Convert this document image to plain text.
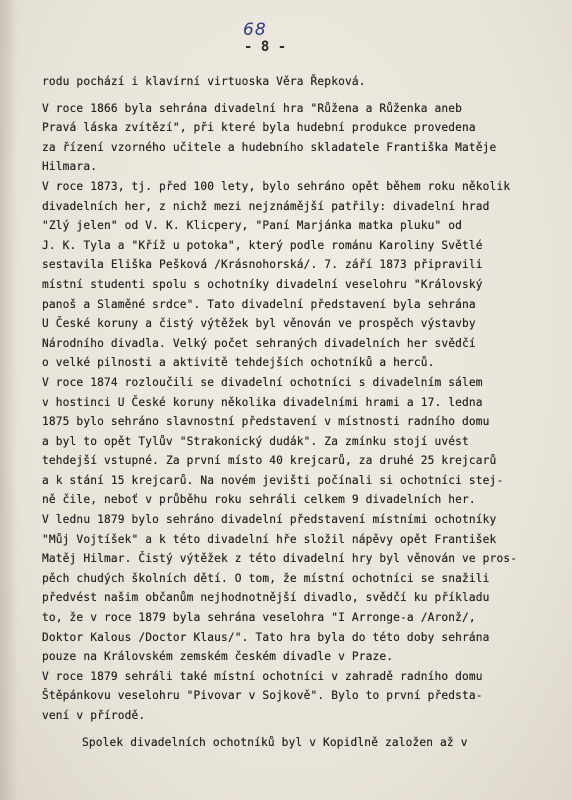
68
- 8 -
rodu pochází i klavírní virtuoska Věra Řepková.
V roce 1866 byla sehrána divadelní hra "Růžena a Růženka aneb
Pravá láska zvítězí", při které byla hudební produkce provedena
za řízení vzorného učitele a hudebního skladatele Františka Matěje
Hilmara.
V roce 1873, tj. před 100 lety, bylo sehráno opět během roku několik
divadelních her, z nichž mezi nejznámější patřily: divadelní hrad
"Zlý jelen" od V. K. Klicpery, "Paní Marjánka matka pluku" od
J. K. Tyla a "Kříž u potoka", který podle románu Karoliny Světlé
sestavila Eliška Pešková /Krásnohorská/. 7. září 1873 připravili
místní studenti spolu s ochotníky divadelní veselohru "Královský
panoš a Slaměné srdce". Tato divadelní představení byla sehrána
U České koruny a čistý výtěžek byl věnován ve prospěch výstavby
Národního divadla. Velký počet sehraných divadelních her svědčí
o velké pilnosti a aktivitě tehdejších ochotníků a herců.
V roce 1874 rozloučili se divadelní ochotníci s divadelním sálem
v hostinci U České koruny několika divadelními hrami a 17. ledna
1875 bylo sehráno slavnostní představení v místnosti radního domu
a byl to opět Tylův "Strakonický dudák". Za zmínku stojí uvést
tehdejší vstupné. Za první místo 40 krejcarů, za druhé 25 krejcarů
a k stání 15 krejcarů. Na novém jevišti počínali si ochotníci stej-
ně čile, neboť v průběhu roku sehráli celkem 9 divadelních her.
V lednu 1879 bylo sehráno divadelní představení místními ochotníky
"Můj Vojtíšek" a k této divadelní hře složil nápěvy opět František
Matěj Hilmar. Čistý výtěžek z této divadelní hry byl věnován ve pros-
pěch chudých školních dětí. O tom, že místní ochotníci se snažili
předvést našim občanům nejhodnotnější divadlo, svědčí ku příkladu
to, že v roce 1879 byla sehrána veselohra "I Arronge-a /Aronž/,
Doktor Kalous /Doctor Klaus/". Tato hra byla do této doby sehrána
pouze na Královském zemském českém divadle v Praze.
V roce 1879 sehráli také místní ochotníci v zahradě radního domu
Štěpánkovu veselohru "Pivovar v Sojkově". Bylo to první předsta-
vení v přírodě.
Spolek divadelních ochotníků byl v Kopidlně založen až v
